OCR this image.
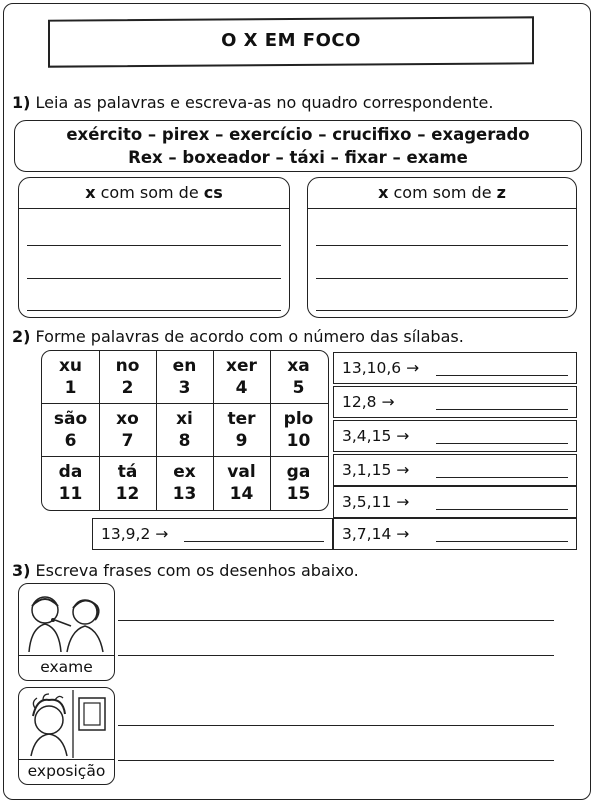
O X EM FOCO
1) Leia as palavras e escreva-as no quadro correspondente.
exército – pirex – exercício – crucifixo – exagerado
Rex – boxeador – táxi – fixar – exame
x com som de cs	x com som de z
2) Forme palavras de acordo com o número das sílabas.
xu
1
no
2
en
3
xer
4
xa
5
são
6
xo
7
xi
8
ter
9
plo
10
da
11
tá
12
ex
13
val
14
ga
15
13,10,6 →
12,8 →
3,4,15 →
3,1,15 →
3,5,11 →
3,7,14 →
13,9,2 →
3) Escreva frases com os desenhos abaixo.
exame
exposição
